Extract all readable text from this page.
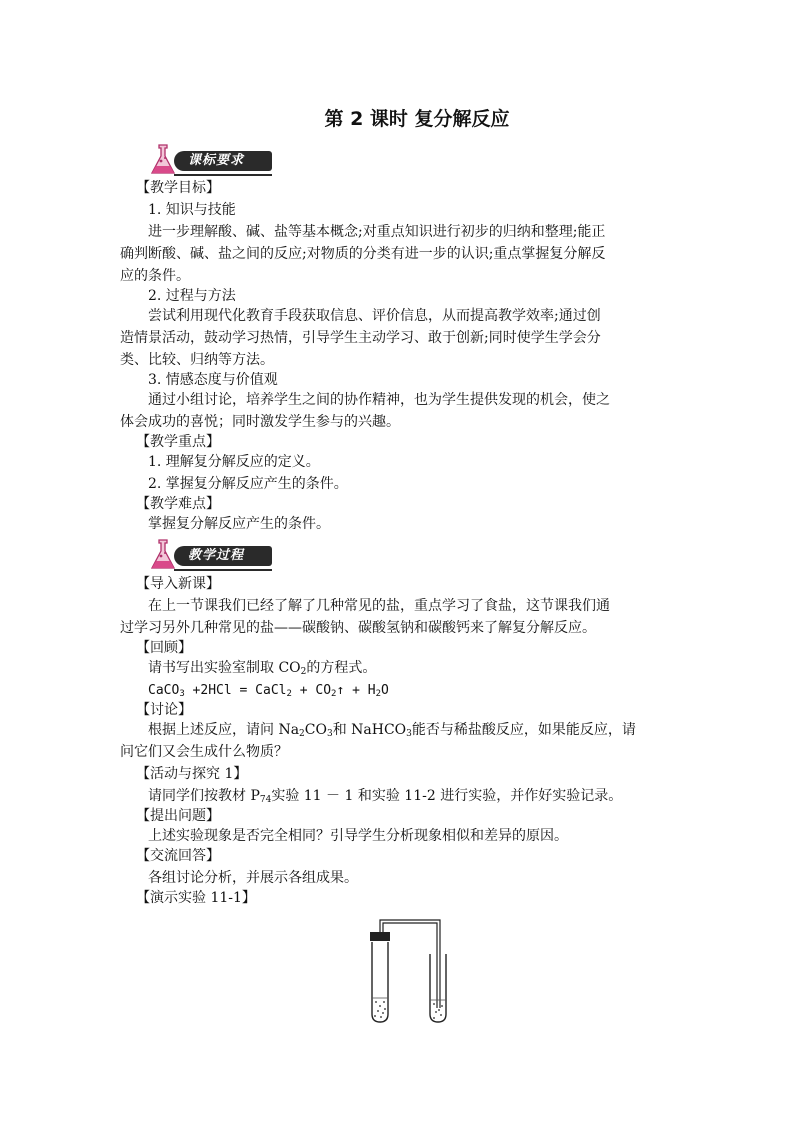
第 2 课时 复分解反应
课标要求
【教学目标】
1. 知识与技能
进一步理解酸、碱、盐等基本概念;对重点知识进行初步的归纳和整理;能正
确判断酸、碱、盐之间的反应;对物质的分类有进一步的认识;重点掌握复分解反
应的条件。
2. 过程与方法
尝试利用现代化教育手段获取信息、评价信息，从而提高教学效率;通过创
造情景活动，鼓动学习热情，引导学生主动学习、敢于创新;同时使学生学会分
类、比较、归纳等方法。
3. 情感态度与价值观
通过小组讨论，培养学生之间的协作精神，也为学生提供发现的机会，使之
体会成功的喜悦；同时激发学生参与的兴趣。
【教学重点】
1. 理解复分解反应的定义。
2. 掌握复分解反应产生的条件。
【教学难点】
掌握复分解反应产生的条件。
教学过程
【导入新课】
在上一节课我们已经了解了几种常见的盐，重点学习了食盐，这节课我们通
过学习另外几种常见的盐——碳酸钠、碳酸氢钠和碳酸钙来了解复分解反应。
【回顾】
请书写出实验室制取 $CO_2$的方程式。
CaCO$_3$ +2HCl = CaCl$_2$ + $CO_2↑ + H_2O$
【讨论】
根据上述反应，请问 $Na_2CO_3$和 NaHCO$_3$能否与稀盐酸反应，如果能反应，请
问它们又会生成什么物质？
【活动与探究 1】
请同学们按教材 $P_{74}$实验 11 － 1 和实验 11-2 进行实验，并作好实验记录。
【提出问题】
上述实验现象是否完全相同？引导学生分析现象相似和差异的原因。
【交流回答】
各组讨论分析，并展示各组成果。
【演示实验 11-1】
